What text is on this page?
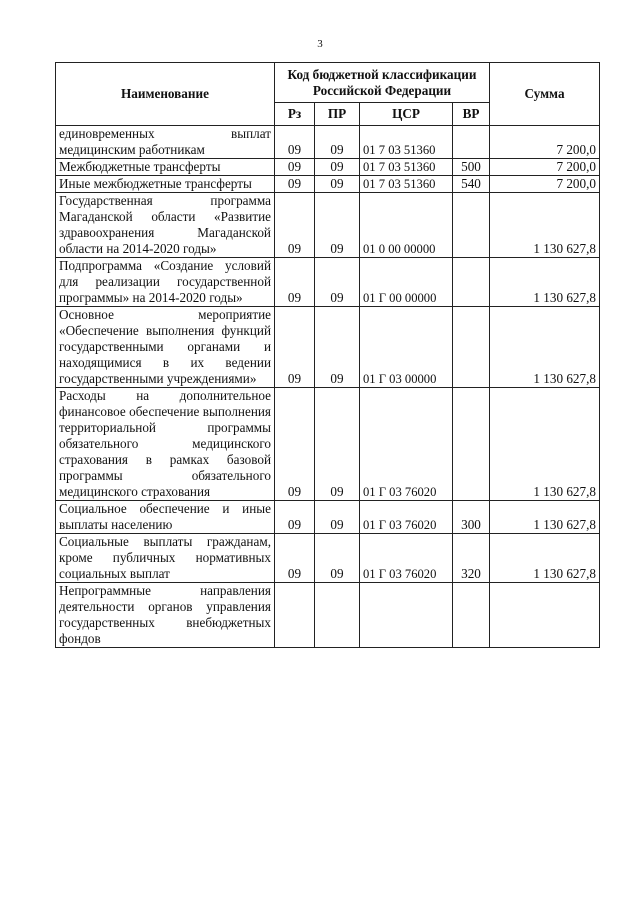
3
Наименование	Код бюджетной классификации Российской Федерации				Сумма
	Рз	ПР	ЦСР	ВР	
единовременных выплат медицинским работникам	09	09	01 7 03 51360		7 200,0
Межбюджетные трансферты	09	09	01 7 03 51360	500	7 200,0
Иные межбюджетные трансферты	09	09	01 7 03 51360	540	7 200,0
Государственная программа Магаданской области «Развитие здравоохранения Магаданской области на 2014-2020 годы»	09	09	01 0 00 00000		1 130 627,8
Подпрограмма «Создание условий для реализации государственной программы» на 2014-2020 годы»	09	09	01 Г 00 00000		1 130 627,8
Основное мероприятие «Обеспечение выполнения функций государственными органами и находящимися в их ведении государственными учреждениями»	09	09	01 Г 03 00000		1 130 627,8
Расходы на дополнительное финансовое обеспечение выполнения территориальной программы обязательного медицинского страхования в рамках базовой программы обязательного медицинского страхования	09	09	01 Г 03 76020		1 130 627,8
Социальное обеспечение и иные выплаты населению	09	09	01 Г 03 76020	300	1 130 627,8
Социальные выплаты гражданам, кроме публичных нормативных социальных выплат	09	09	01 Г 03 76020	320	1 130 627,8
Непрограммные направления деятельности органов управления государственных внебюджетных фондов					
